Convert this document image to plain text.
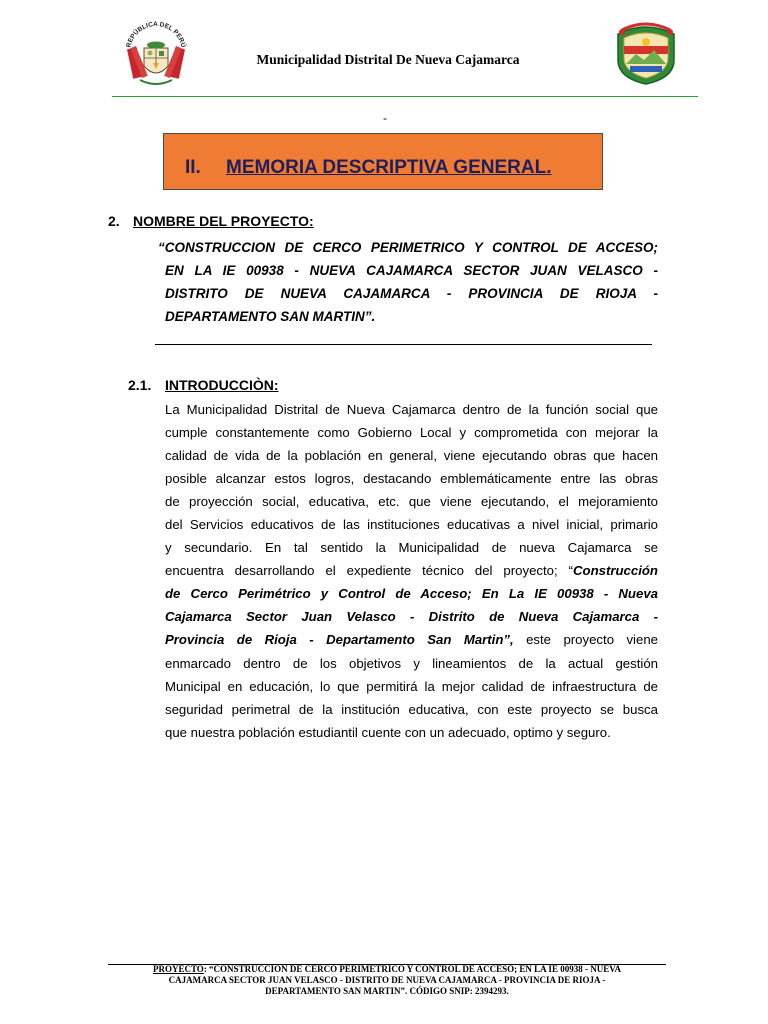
REPÚBLICA DEL PERÚ
Municipalidad Distrital De Nueva Cajamarca
-
II. MEMORIA DESCRIPTIVA GENERAL.
2. NOMBRE DEL PROYECTO:
“CONSTRUCCION DE CERCO PERIMETRICO Y CONTROL DE ACCESO;
EN LA IE 00938 - NUEVA CAJAMARCA SECTOR JUAN VELASCO -
DISTRITO DE NUEVA CAJAMARCA - PROVINCIA DE RIOJA -
DEPARTAMENTO SAN MARTIN”.
2.1. INTRODUCCIÒN:
La Municipalidad Distrital de Nueva Cajamarca dentro de la función social que
cumple constantemente como Gobierno Local y comprometida con mejorar la
calidad de vida de la población en general, viene ejecutando obras que hacen
posible alcanzar estos logros, destacando emblemáticamente entre las obras
de proyección social, educativa, etc. que viene ejecutando, el mejoramiento
del Servicios educativos de las instituciones educativas a nivel inicial, primario
y secundario. En tal sentido la Municipalidad de nueva Cajamarca se
encuentra desarrollando el expediente técnico del proyecto; “Construcción
de Cerco Perimétrico y Control de Acceso; En La IE 00938 - Nueva
Cajamarca Sector Juan Velasco - Distrito de Nueva Cajamarca -
Provincia de Rioja - Departamento San Martin”, este proyecto viene
enmarcado dentro de los objetivos y lineamientos de la actual gestión
Municipal en educación, lo que permitirá la mejor calidad de infraestructura de
seguridad perimetral de la institución educativa, con este proyecto se busca
que nuestra población estudiantil cuente con un adecuado, optimo y seguro.
PROYECTO: “CONSTRUCCION DE CERCO PERIMETRICO Y CONTROL DE ACCESO; EN LA IE 00938 - NUEVA
CAJAMARCA SECTOR JUAN VELASCO - DISTRITO DE NUEVA CAJAMARCA - PROVINCIA DE RIOJA -
DEPARTAMENTO SAN MARTIN”. CÓDIGO SNIP: 2394293.
